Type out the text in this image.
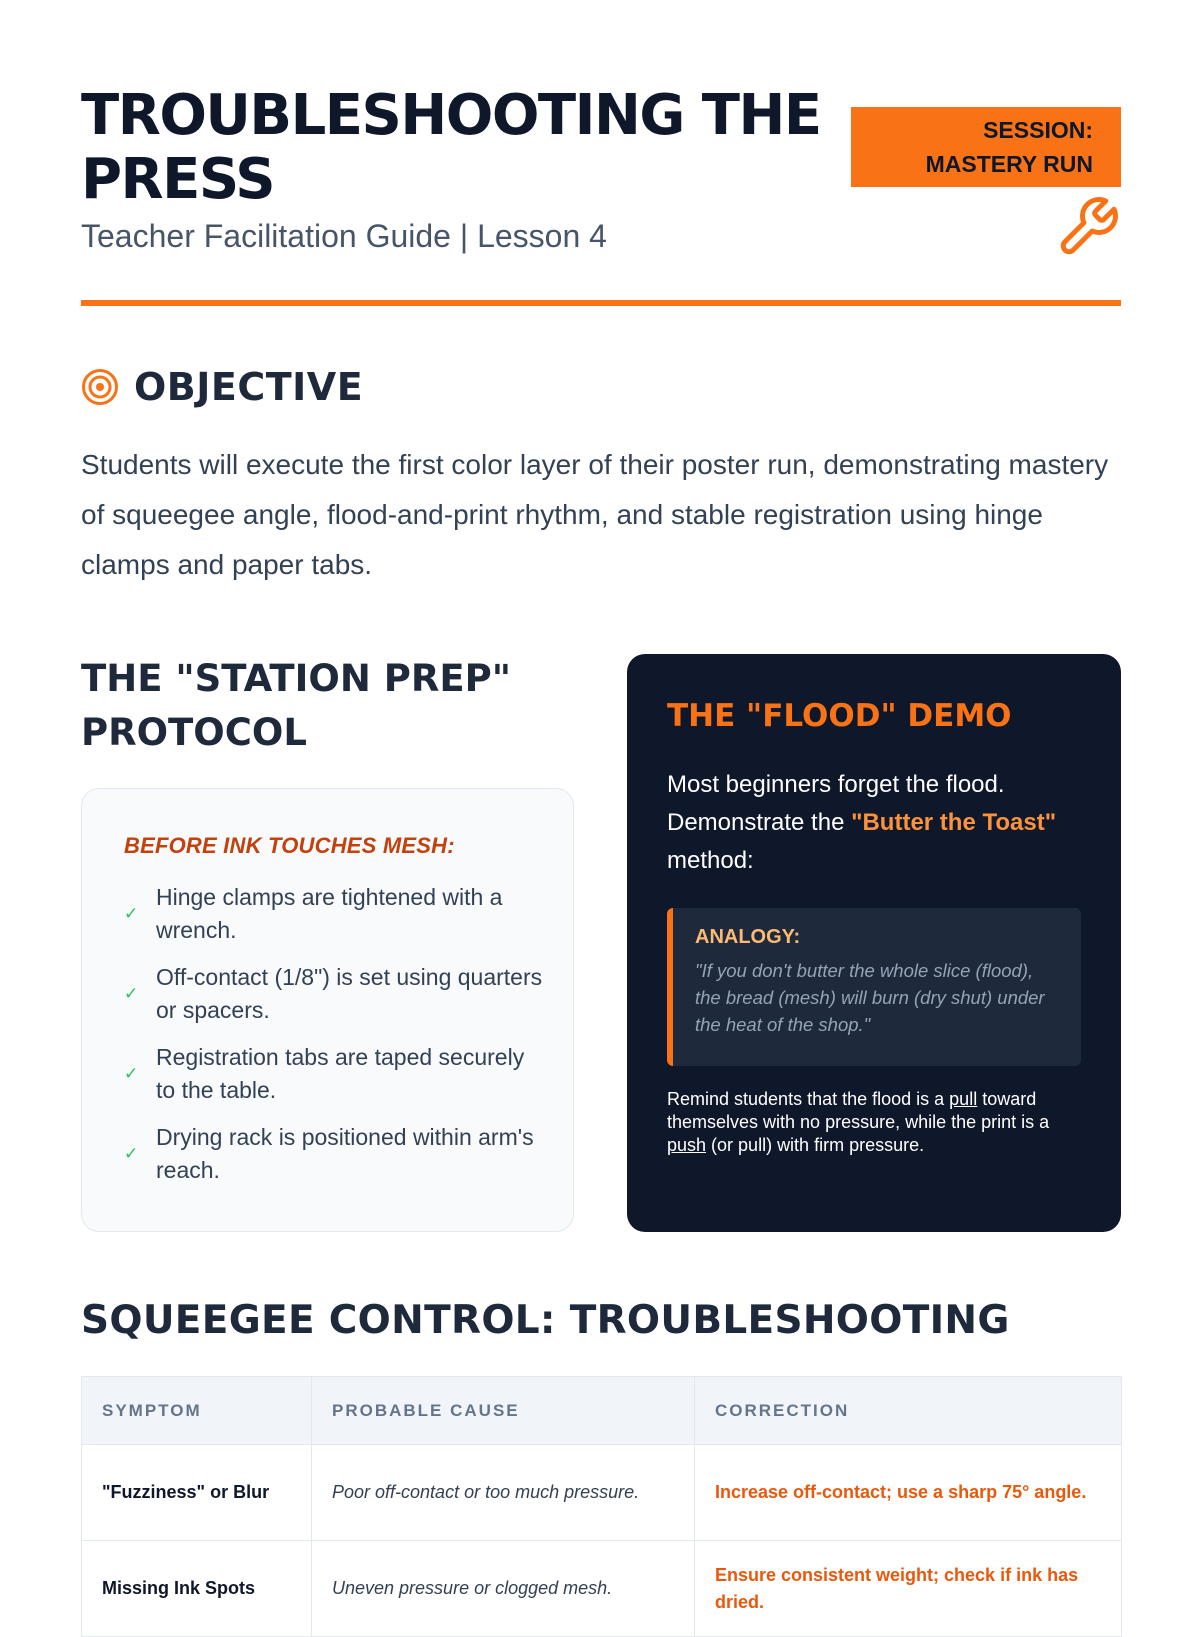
TROUBLESHOOTING THE PRESS
Teacher Facilitation Guide | Lesson 4
SESSION:
MASTERY RUN
OBJECTIVE

Students will execute the first color layer of their poster run, demonstrating mastery of squeegee angle, flood-and-print rhythm, and stable registration using hinge clamps and paper tabs.

THE "STATION PREP" PROTOCOL
BEFORE INK TOUCHES MESH:
✓
Hinge clamps are tightened with a wrench.
✓
Off-contact (1/8") is set using quarters or spacers.
✓
Registration tabs are taped securely to the table.
✓
Drying rack is positioned within arm's reach.
THE "FLOOD" DEMO

Most beginners forget the flood. Demonstrate the "Butter the Toast" method:

ANALOGY:
"If you don't butter the whole slice (flood), the bread (mesh) will burn (dry shut) under the heat of the shop."

Remind students that the flood is a pull toward themselves with no pressure, while the print is a push (or pull) with firm pressure.

SQUEEGEE CONTROL: TROUBLESHOOTING
SYMPTOM	PROBABLE CAUSE	CORRECTION
"Fuzziness" or Blur	Poor off-contact or too much pressure.	Increase off-contact; use a sharp 75° angle.
Missing Ink Spots	Uneven pressure or clogged mesh.	Ensure consistent weight; check if ink has dried.
